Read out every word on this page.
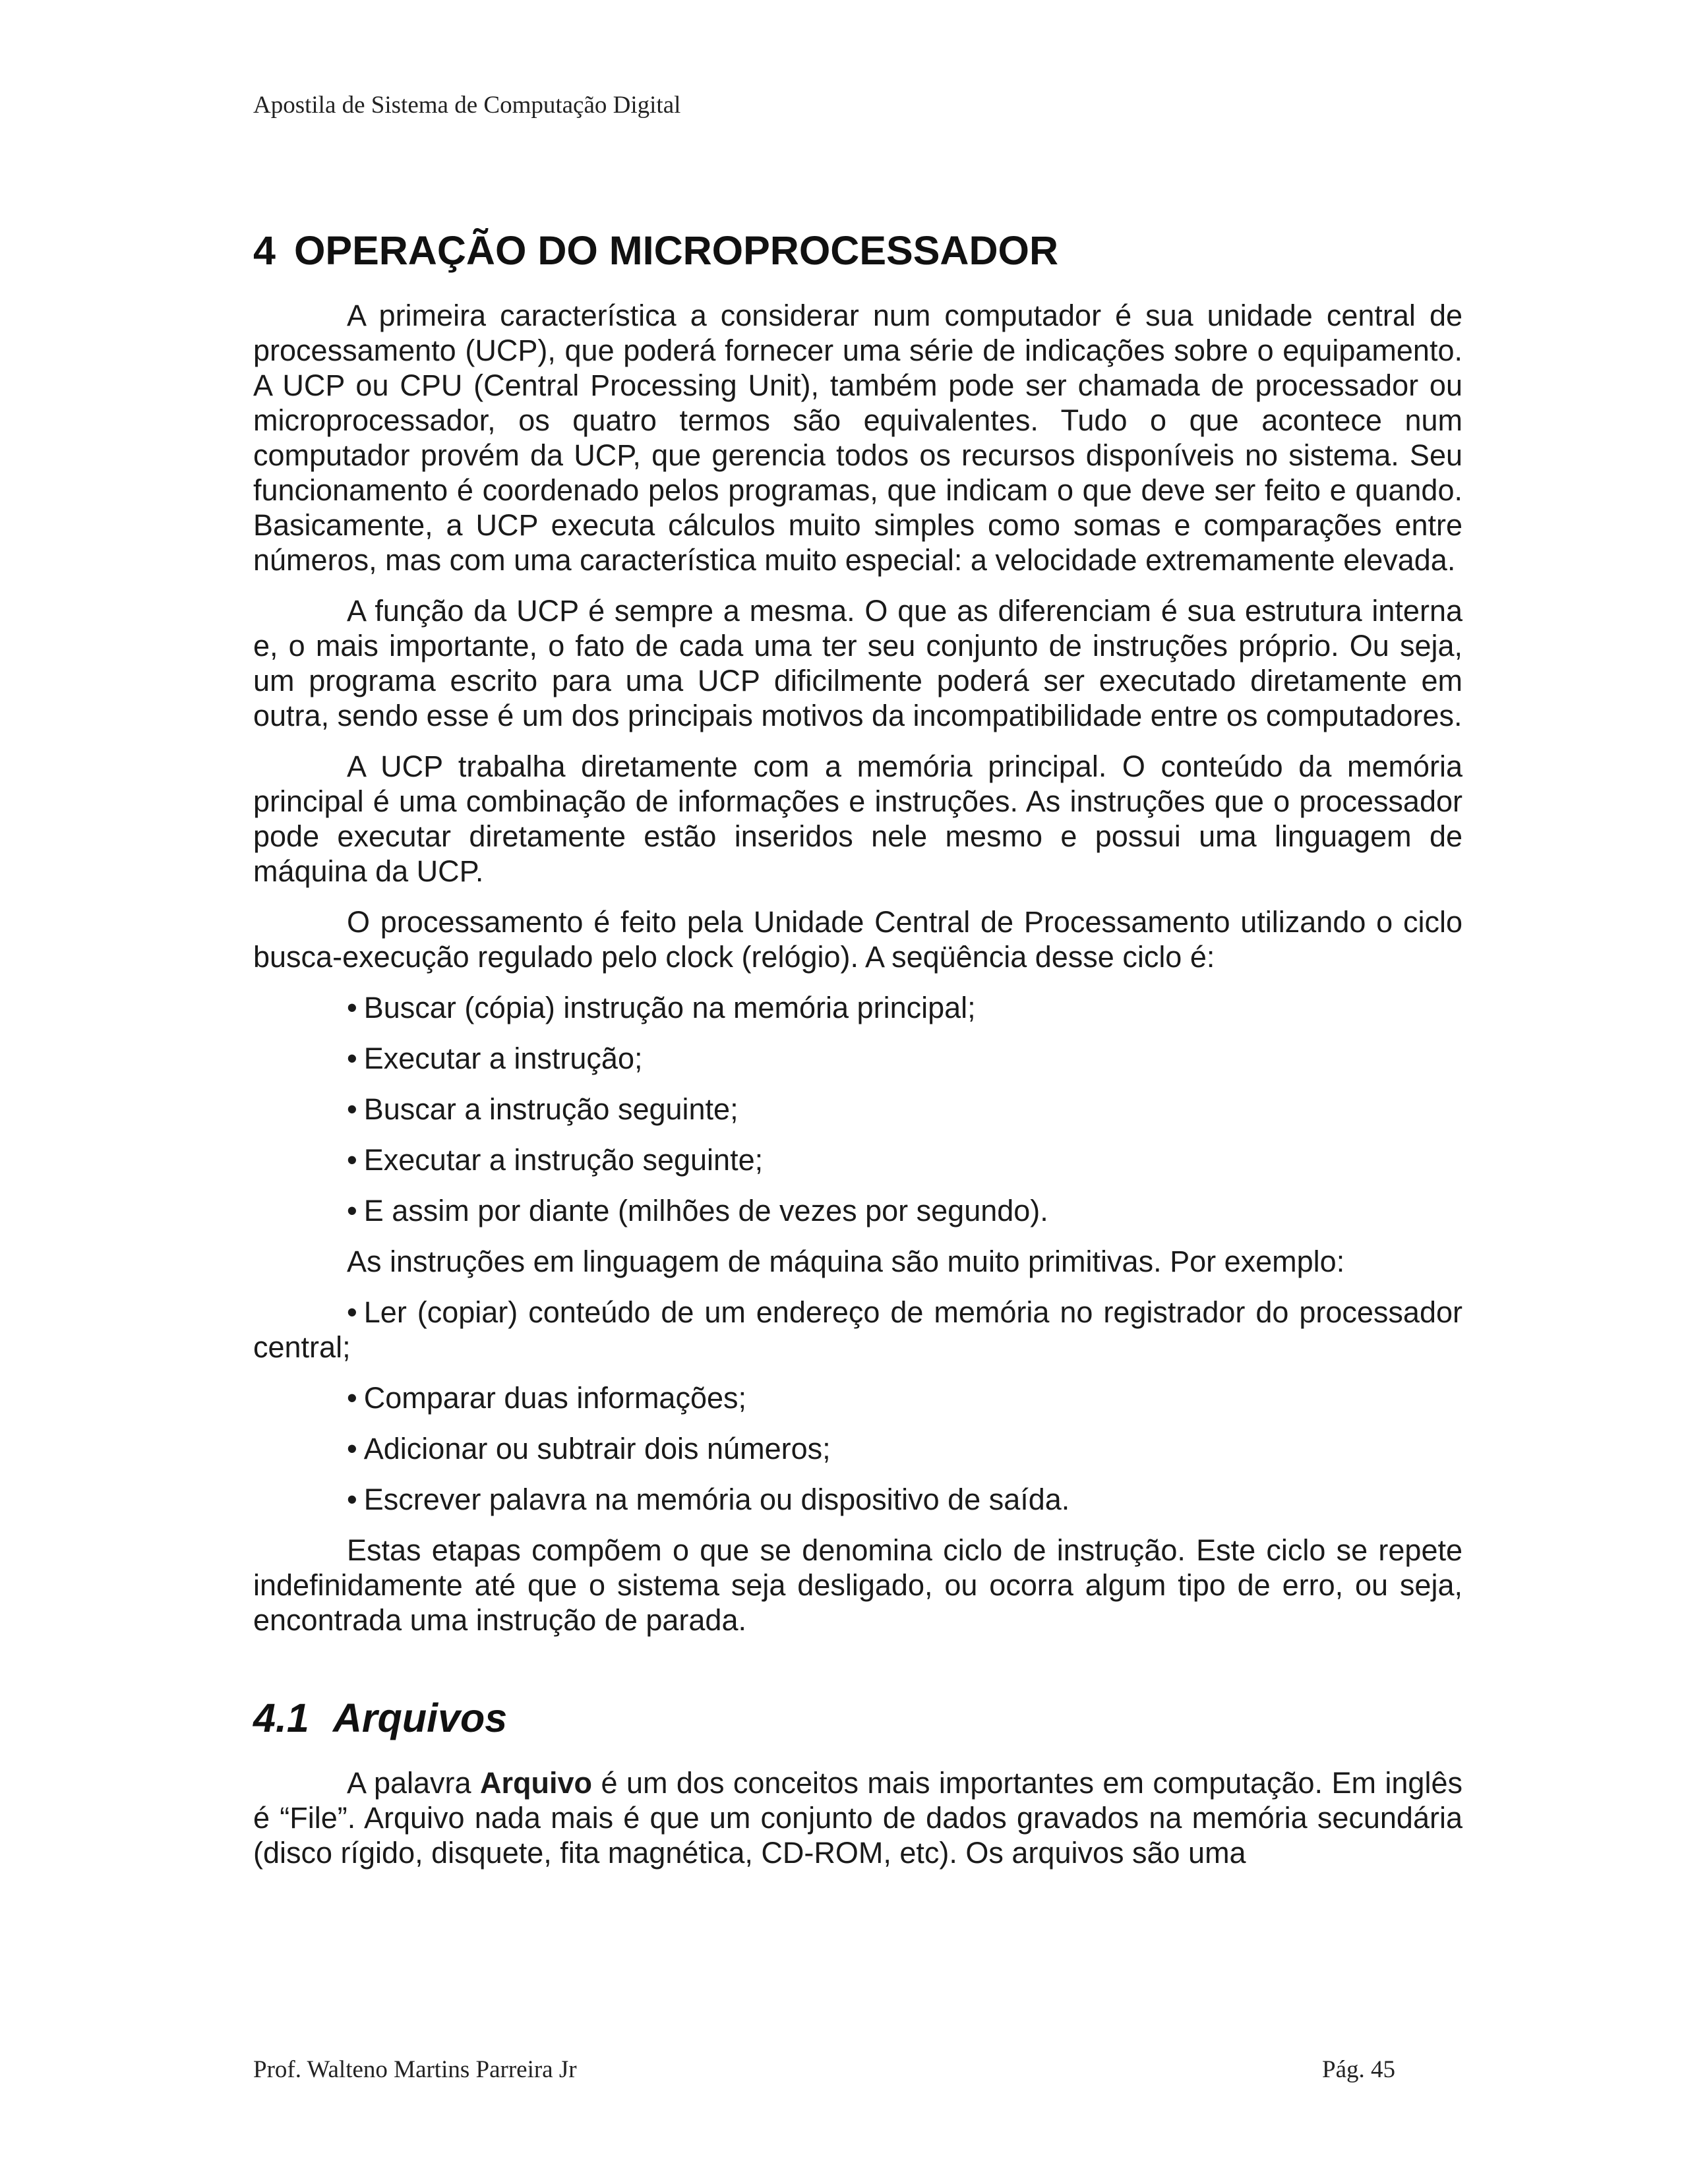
Apostila de Sistema de Computação Digital
4 OPERAÇÃO DO MICROPROCESSADOR

A primeira característica a considerar num computador é sua unidade central de processamento (UCP), que poderá fornecer uma série de indicações sobre o equipamento. A UCP ou CPU (Central Processing Unit), também pode ser chamada de processador ou microprocessador, os quatro termos são equivalentes. Tudo o que acontece num computador provém da UCP, que gerencia todos os recursos disponíveis no sistema. Seu funcionamento é coordenado pelos programas, que indicam o que deve ser feito e quando. Basicamente, a UCP executa cálculos muito simples como somas e comparações entre números, mas com uma característica muito especial: a velocidade extremamente elevada.

A função da UCP é sempre a mesma. O que as diferenciam é sua estrutura interna e, o mais importante, o fato de cada uma ter seu conjunto de instruções próprio. Ou seja, um programa escrito para uma UCP dificilmente poderá ser executado diretamente em outra, sendo esse é um dos principais motivos da incompatibilidade entre os computadores.

A UCP trabalha diretamente com a memória principal. O conteúdo da memória principal é uma combinação de informações e instruções. As instruções que o processador pode executar diretamente estão inseridos nele mesmo e possui uma linguagem de máquina da UCP.

O processamento é feito pela Unidade Central de Processamento utilizando o ciclo busca-execução regulado pelo clock (relógio). A seqüência desse ciclo é:

• Buscar (cópia) instrução na memória principal;
• Executar a instrução;
• Buscar a instrução seguinte;
• Executar a instrução seguinte;
• E assim por diante (milhões de vezes por segundo).

As instruções em linguagem de máquina são muito primitivas. Por exemplo:

• Ler (copiar) conteúdo de um endereço de memória no registrador do processador central;
• Comparar duas informações;
• Adicionar ou subtrair dois números;
• Escrever palavra na memória ou dispositivo de saída.

Estas etapas compõem o que se denomina ciclo de instrução. Este ciclo se repete indefinidamente até que o sistema seja desligado, ou ocorra algum tipo de erro, ou seja, encontrada uma instrução de parada.

4.1 Arquivos

A palavra Arquivo é um dos conceitos mais importantes em computação. Em inglês é “File”. Arquivo nada mais é que um conjunto de dados gravados na memória secundária (disco rígido, disquete, fita magnética, CD-ROM, etc). Os arquivos são uma

Prof. Walteno Martins Parreira Jr	Pág. 45
